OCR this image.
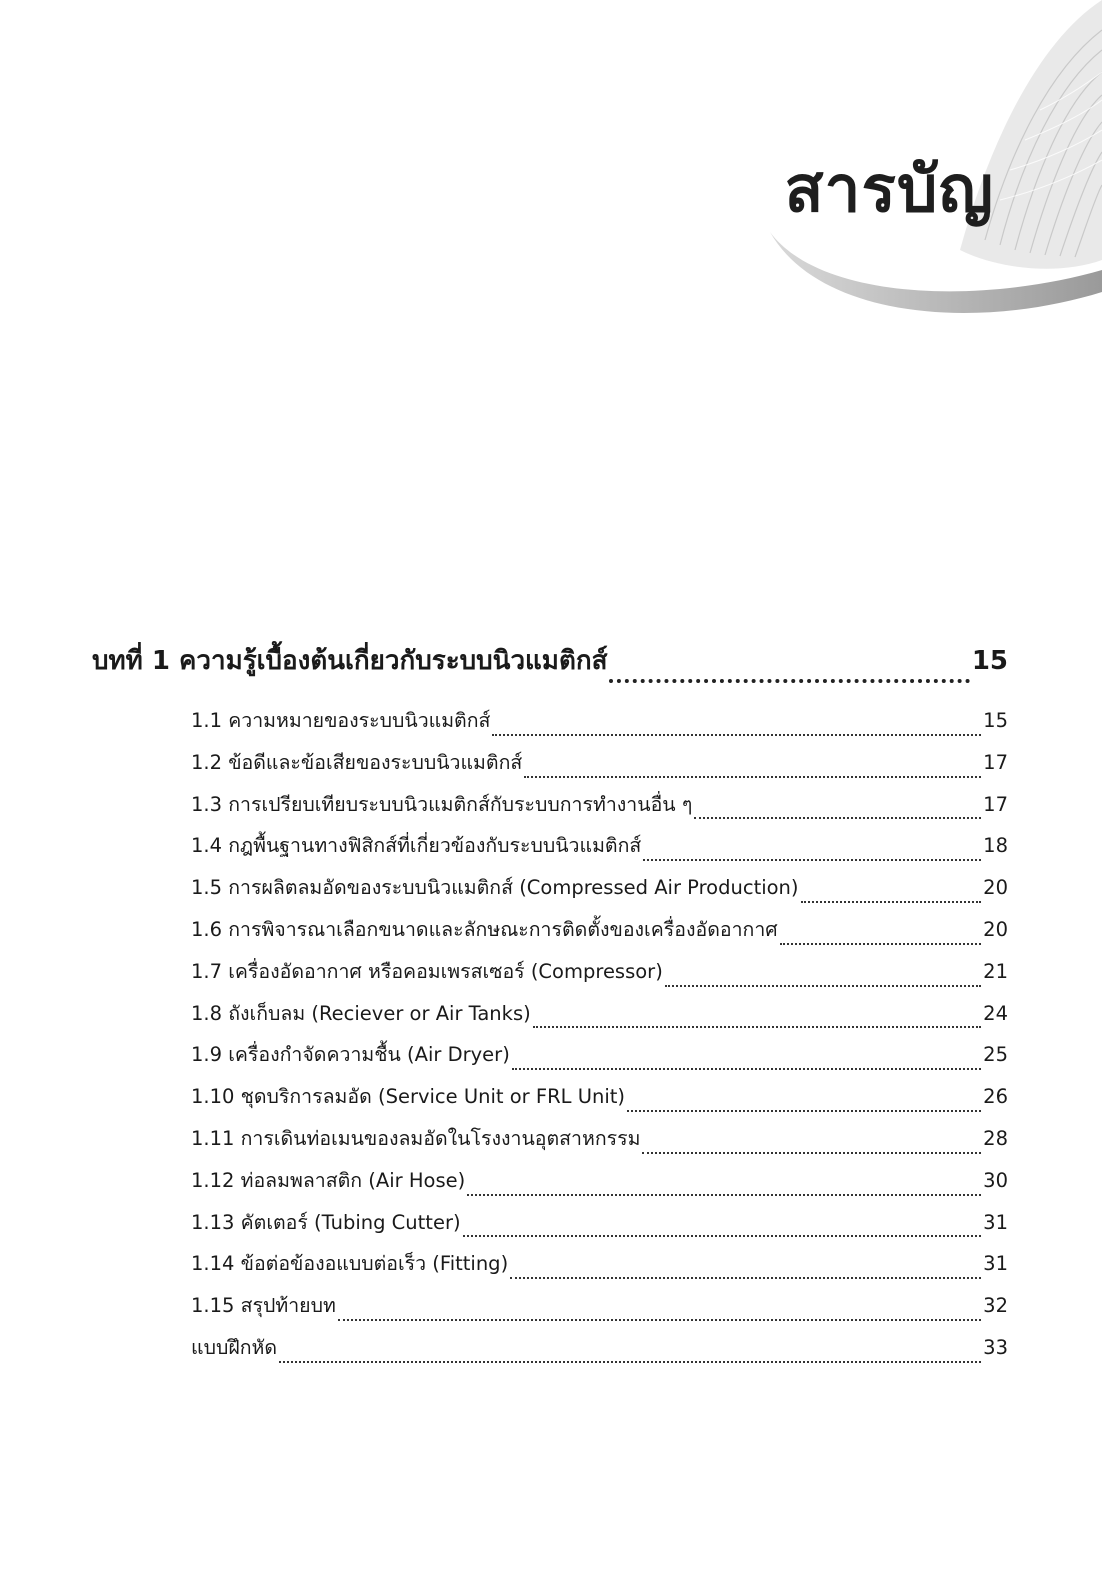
สารบัญ
บทที่ 1 ความรู้เบื้องต้นเกี่ยวกับระบบนิวแมติกส์	15
1.1 ความหมายของระบบนิวแมติกส์	15
1.2 ข้อดีและข้อเสียของระบบนิวแมติกส์	17
1.3 การเปรียบเทียบระบบนิวแมติกส์กับระบบการทำงานอื่น ๆ	17
1.4 กฎพื้นฐานทางฟิสิกส์ที่เกี่ยวข้องกับระบบนิวแมติกส์	18
1.5 การผลิตลมอัดของระบบนิวแมติกส์ (Compressed Air Production)	20
1.6 การพิจารณาเลือกขนาดและลักษณะการติดตั้งของเครื่องอัดอากาศ	20
1.7 เครื่องอัดอากาศ หรือคอมเพรสเซอร์ (Compressor)	21
1.8 ถังเก็บลม (Reciever or Air Tanks)	24
1.9 เครื่องกำจัดความชื้น (Air Dryer)	25
1.10 ชุดบริการลมอัด (Service Unit or FRL Unit)	26
1.11 การเดินท่อเมนของลมอัดในโรงงานอุตสาหกรรม	28
1.12 ท่อลมพลาสติก (Air Hose)	30
1.13 คัตเตอร์ (Tubing Cutter)	31
1.14 ข้อต่อข้องอแบบต่อเร็ว (Fitting)	31
1.15 สรุปท้ายบท	32
แบบฝึกหัด	33
